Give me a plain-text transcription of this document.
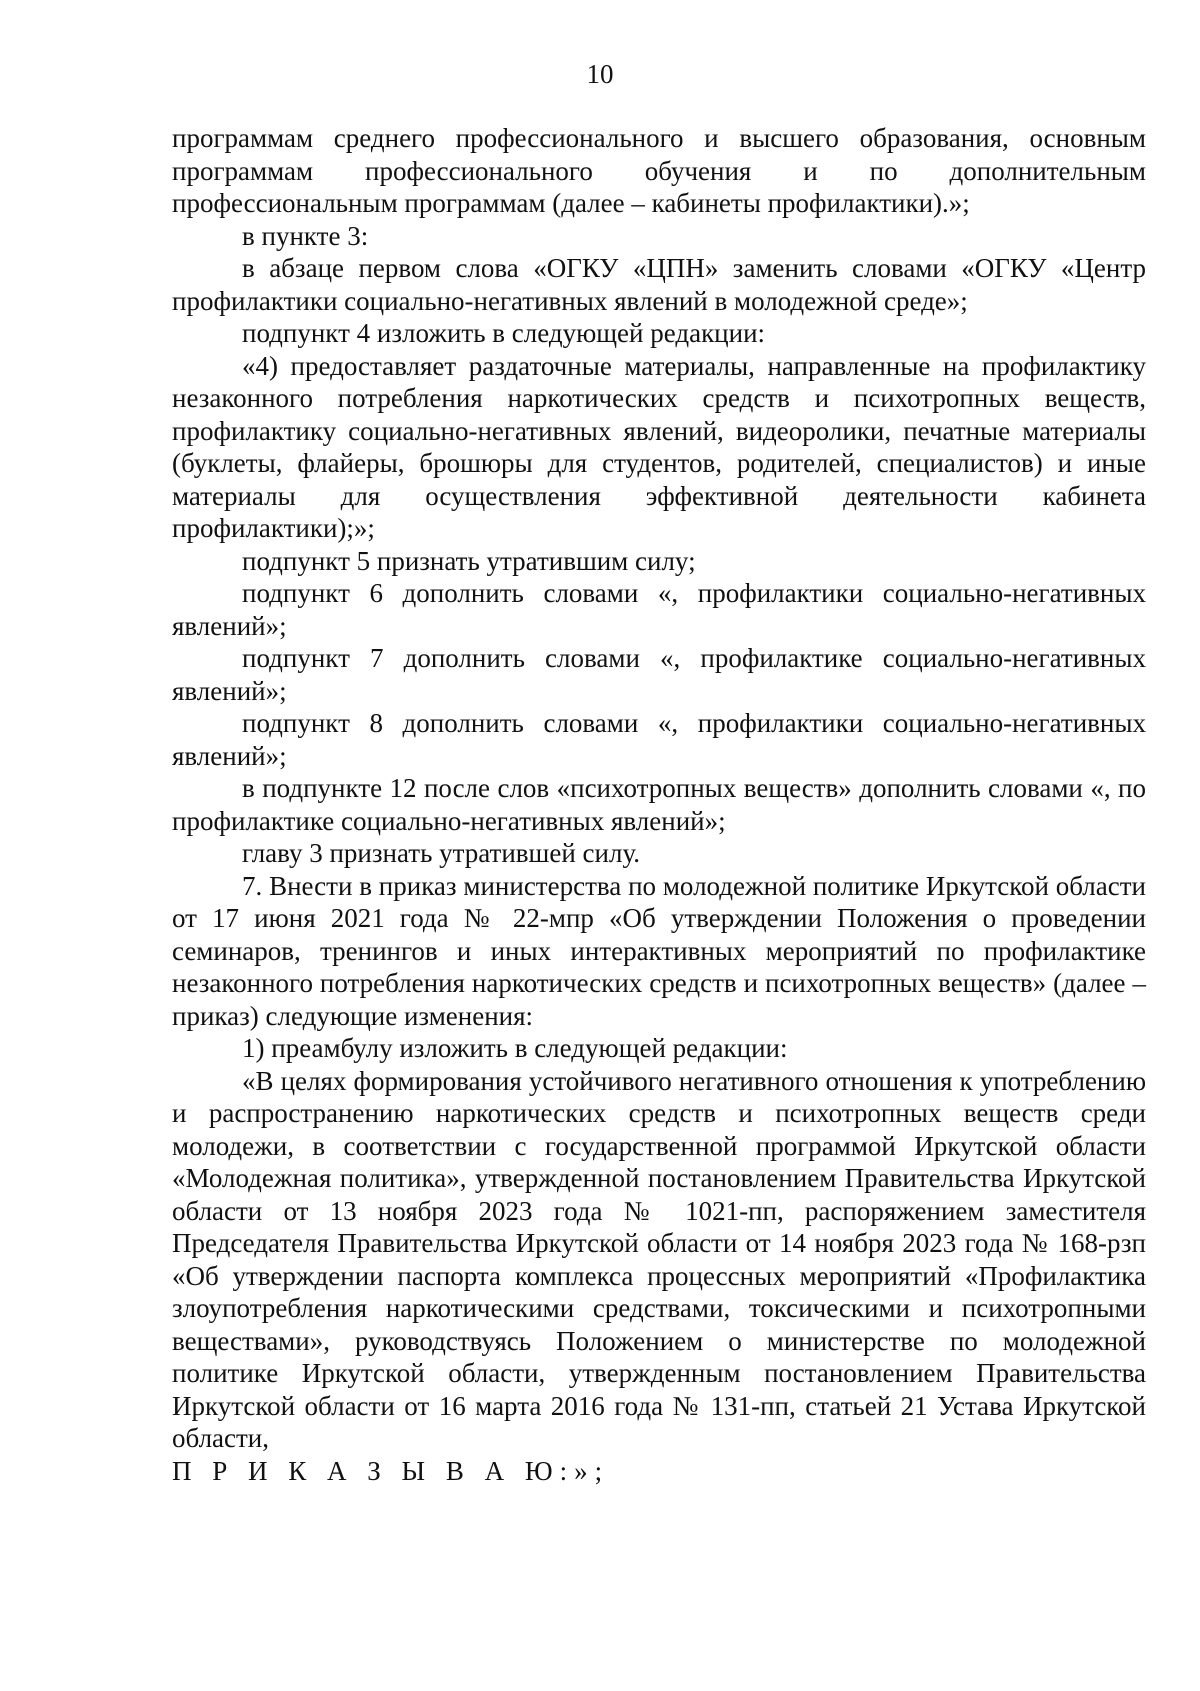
10

программам среднего профессионального и высшего образования, основным программам профессионального обучения и по дополнительным профессиональным программам (далее – кабинеты профилактики).»;

в пункте 3:

в абзаце первом слова «ОГКУ «ЦПН» заменить словами «ОГКУ «Центр профилактики социально-негативных явлений в молодежной среде»;

подпункт 4 изложить в следующей редакции:

«4) предоставляет раздаточные материалы, направленные на профилактику незаконного потребления наркотических средств и психотропных веществ, профилактику социально-негативных явлений, видеоролики, печатные материалы (буклеты, флайеры, брошюры для студентов, родителей, специалистов) и иные материалы для осуществления эффективной деятельности кабинета профилактики);»;

подпункт 5 признать утратившим силу;

подпункт 6 дополнить словами «, профилактики социально-негативных явлений»;

подпункт 7 дополнить словами «, профилактике социально-негативных явлений»;

подпункт 8 дополнить словами «, профилактики социально-негативных явлений»;

в подпункте 12 после слов «психотропных веществ» дополнить словами «, по профилактике социально-негативных явлений»;

главу 3 признать утратившей силу.

7. Внести в приказ министерства по молодежной политике Иркутской области от 17 июня 2021 года № 22-мпр «Об утверждении Положения о проведении семинаров, тренингов и иных интерактивных мероприятий по профилактике незаконного потребления наркотических средств и психотропных веществ» (далее – приказ) следующие изменения:

1) преамбулу изложить в следующей редакции:

«В целях формирования устойчивого негативного отношения к употреблению и распространению наркотических средств и психотропных веществ среди молодежи, в соответствии с государственной программой Иркутской области «Молодежная политика», утвержденной постановлением Правительства Иркутской области от 13 ноября 2023 года № 1021-пп, распоряжением заместителя Председателя Правительства Иркутской области от 14 ноября 2023 года № 168-рзп «Об утверждении паспорта комплекса процессных мероприятий «Профилактика злоупотребления наркотическими средствами, токсическими и психотропными веществами», руководствуясь Положением о министерстве по молодежной политике Иркутской области, утвержденным постановлением Правительства Иркутской области от 16 марта 2016 года № 131-пп, статьей 21 Устава Иркутской области,

П Р И К А З Ы В А Ю:»;
